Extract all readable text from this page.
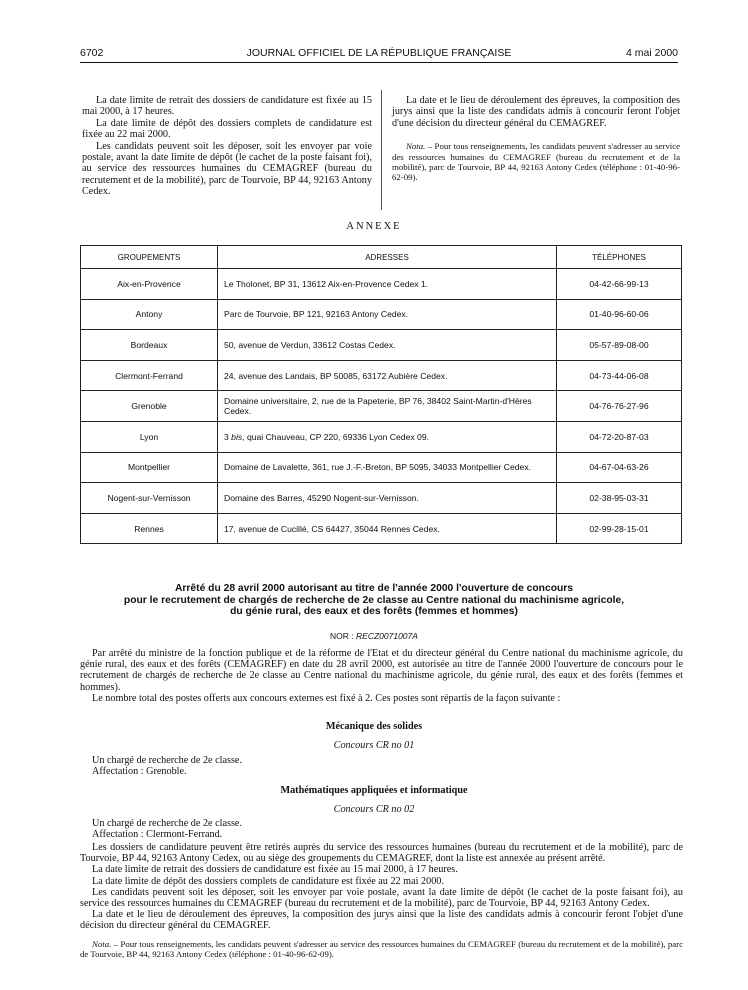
6702	JOURNAL OFFICIEL DE LA RÉPUBLIQUE FRANÇAISE	4 mai 2000

La date limite de retrait des dossiers de candidature est fixée au 15 mai 2000, à 17 heures.

La date limite de dépôt des dossiers complets de candidature est fixée au 22 mai 2000.

Les candidats peuvent soit les déposer, soit les envoyer par voie postale, avant la date limite de dépôt (le cachet de la poste faisant foi), au service des ressources humaines du CEMAGREF (bureau du recrutement et de la mobilité), parc de Tourvoie, BP 44, 92163 Antony Cedex.

La date et le lieu de déroulement des épreuves, la composition des jurys ainsi que la liste des candidats admis à concourir feront l'objet d'une décision du directeur général du CEMAGREF.

Nota. – Pour tous renseignements, les candidats peuvent s'adresser au service des ressources humaines du CEMAGREF (bureau du recrutement et de la mobilité), parc de Tourvoie, BP 44, 92163 Antony Cedex (téléphone : 01-40-96-62-09).

ANNEXE
GROUPEMENTS	ADRESSES	TÉLÉPHONES
Aix-en-Provence	Le Tholonet, BP 31, 13612 Aix-en-Provence Cedex 1.	04-42-66-99-13
Antony	Parc de Tourvoie, BP 121, 92163 Antony Cedex.	01-40-96-60-06
Bordeaux	50, avenue de Verdun, 33612 Costas Cedex.	05-57-89-08-00
Clermont-Ferrand	24, avenue des Landais, BP 50085, 63172 Aubière Cedex.	04-73-44-06-08
Grenoble	Domaine universitaire, 2, rue de la Papeterie, BP 76, 38402 Saint-Martin-d'Hères Cedex.	04-76-76-27-96
Lyon	3 bis, quai Chauveau, CP 220, 69336 Lyon Cedex 09.	04-72-20-87-03
Montpellier	Domaine de Lavalette, 361, rue J.-F.-Breton, BP 5095, 34033 Montpellier Cedex.	04-67-04-63-26
Nogent-sur-Vernisson	Domaine des Barres, 45290 Nogent-sur-Vernisson.	02-38-95-03-31
Rennes	17, avenue de Cucillé, CS 64427, 35044 Rennes Cedex.	02-99-28-15-01
Arrêté du 28 avril 2000 autorisant au titre de l'année 2000 l'ouverture de concours
pour le recrutement de chargés de recherche de 2e classe au Centre national du machinisme agricole,
du génie rural, des eaux et des forêts (femmes et hommes)
NOR : RECZ0071007A

Par arrêté du ministre de la fonction publique et de la réforme de l'Etat et du directeur général du Centre national du machinisme agricole, du génie rural, des eaux et des forêts (CEMAGREF) en date du 28 avril 2000, est autorisée au titre de l'année 2000 l'ouverture de concours pour le recrutement de chargés de recherche de 2e classe au Centre national du machinisme agricole, du génie rural, des eaux et des forêts (femmes et hommes).

Le nombre total des postes offerts aux concours externes est fixé à 2. Ces postes sont répartis de la façon suivante :

Mécanique des solides
Concours CR no 01
Un chargé de recherche de 2e classe.
Affectation : Grenoble.
Mathématiques appliquées et informatique
Concours CR no 02
Un chargé de recherche de 2e classe.
Affectation : Clermont-Ferrand.

Les dossiers de candidature peuvent être retirés auprès du service des ressources humaines (bureau du recrutement et de la mobilité), parc de Tourvoie, BP 44, 92163 Antony Cedex, ou au siège des groupements du CEMAGREF, dont la liste est annexée au présent arrêté.

La date limite de retrait des dossiers de candidature est fixée au 15 mai 2000, à 17 heures.

La date limite de dépôt des dossiers complets de candidature est fixée au 22 mai 2000.

Les candidats peuvent soit les déposer, soit les envoyer par voie postale, avant la date limite de dépôt (le cachet de la poste faisant foi), au service des ressources humaines du CEMAGREF (bureau du recrutement et de la mobilité), parc de Tourvoie, BP 44, 92163 Antony Cedex.

La date et le lieu de déroulement des épreuves, la composition des jurys ainsi que la liste des candidats admis à concourir feront l'objet d'une décision du directeur général du CEMAGREF.

Nota. – Pour tous renseignements, les candidats peuvent s'adresser au service des ressources humaines du CEMAGREF (bureau du recrutement et de la mobilité), parc de Tourvoie, BP 44, 92163 Antony Cedex (téléphone : 01-40-96-62-09).
